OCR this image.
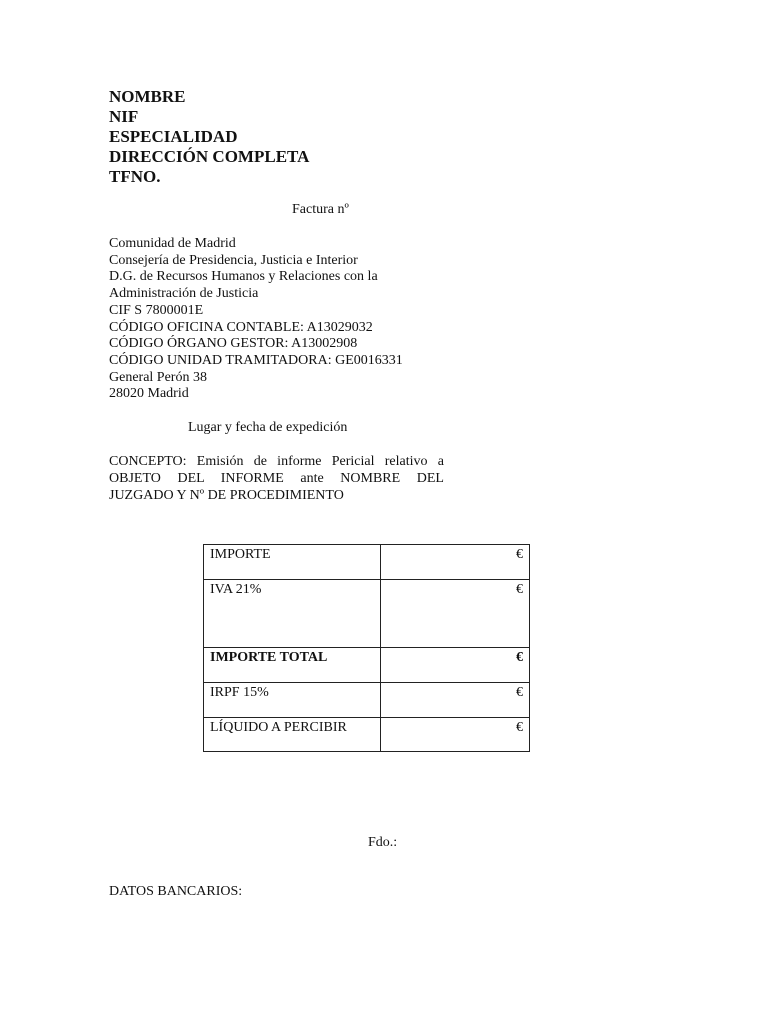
NOMBRE
NIF
ESPECIALIDAD
DIRECCIÓN COMPLETA
TFNO.
Factura nº
Comunidad de Madrid
Consejería de Presidencia, Justicia e Interior
D.G. de Recursos Humanos y Relaciones con la
Administración de Justicia
CIF S 7800001E
CÓDIGO OFICINA CONTABLE: A13029032
CÓDIGO ÓRGANO GESTOR: A13002908
CÓDIGO UNIDAD TRAMITADORA: GE0016331
General Perón 38
28020 Madrid
Lugar y fecha de expedición
CONCEPTO: Emisión de informe Pericial relativo a
OBJETO DEL INFORME ante NOMBRE DEL
JUZGADO Y Nº DE PROCEDIMIENTO
IMPORTE	€
IVA 21%	€
IMPORTE TOTAL	€
IRPF 15%	€
LÍQUIDO A PERCIBIR	€
Fdo.:
DATOS BANCARIOS:
